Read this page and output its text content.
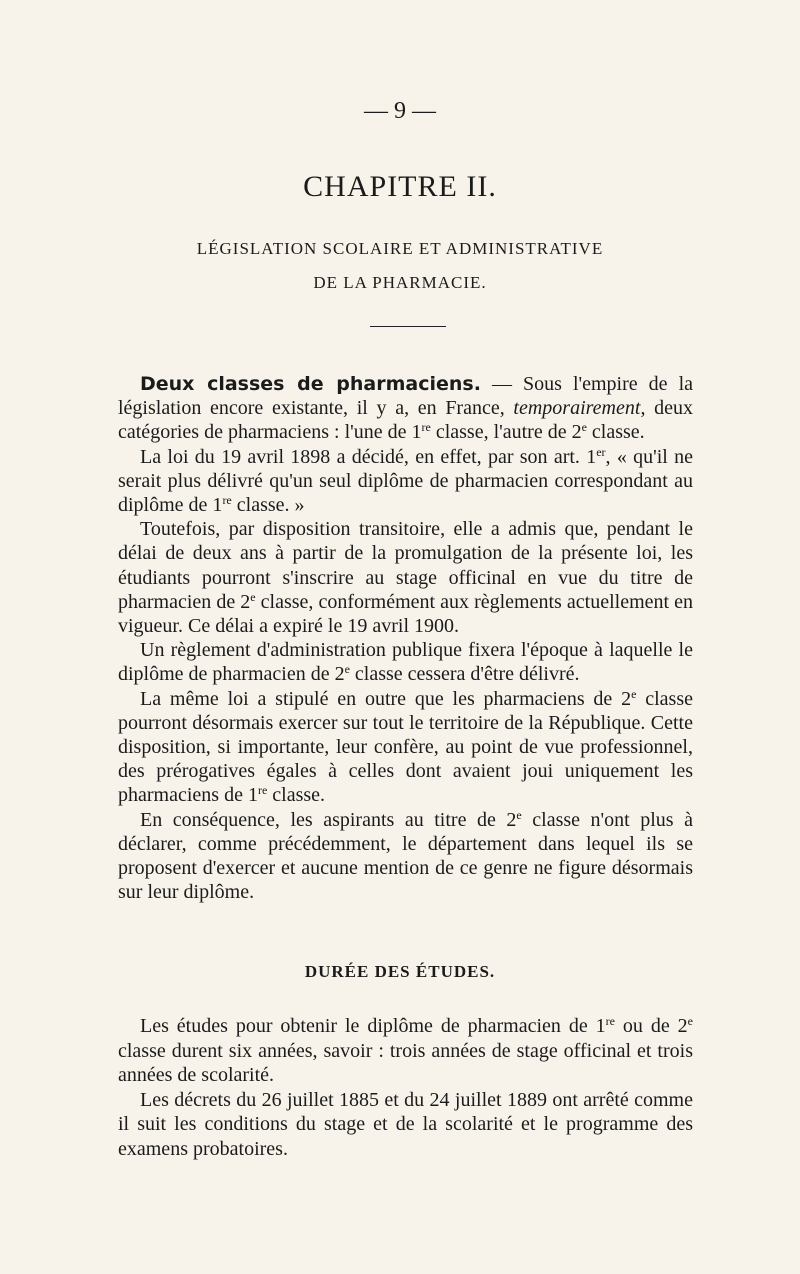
— 9 —
CHAPITRE II.
LÉGISLATION SCOLAIRE ET ADMINISTRATIVE
DE LA PHARMACIE.

Deux classes de pharmaciens. — Sous l'empire de la législation encore existante, il y a, en France, temporairement, deux catégories de pharmaciens : l'une de 1re classe, l'autre de 2e classe.

La loi du 19 avril 1898 a décidé, en effet, par son art. 1er, « qu'il ne serait plus délivré qu'un seul diplôme de pharmacien correspondant au diplôme de 1re classe. »

Toutefois, par disposition transitoire, elle a admis que, pendant le délai de deux ans à partir de la promulgation de la présente loi, les étudiants pourront s'inscrire au stage officinal en vue du titre de pharmacien de 2e classe, conformément aux règlements actuellement en vigueur. Ce délai a expiré le 19 avril 1900.

Un règlement d'administration publique fixera l'époque à laquelle le diplôme de pharmacien de 2e classe cessera d'être délivré.

La même loi a stipulé en outre que les pharmaciens de 2e classe pourront désormais exercer sur tout le territoire de la République. Cette disposition, si importante, leur confère, au point de vue professionnel, des prérogatives égales à celles dont avaient joui uniquement les pharmaciens de 1re classe.

En conséquence, les aspirants au titre de 2e classe n'ont plus à déclarer, comme précédemment, le département dans lequel ils se proposent d'exercer et aucune mention de ce genre ne figure désormais sur leur diplôme.

DURÉE DES ÉTUDES.

Les études pour obtenir le diplôme de pharmacien de 1re ou de 2e classe durent six années, savoir : trois années de stage officinal et trois années de scolarité.

Les décrets du 26 juillet 1885 et du 24 juillet 1889 ont arrêté comme il suit les conditions du stage et de la scolarité et le programme des examens probatoires.
